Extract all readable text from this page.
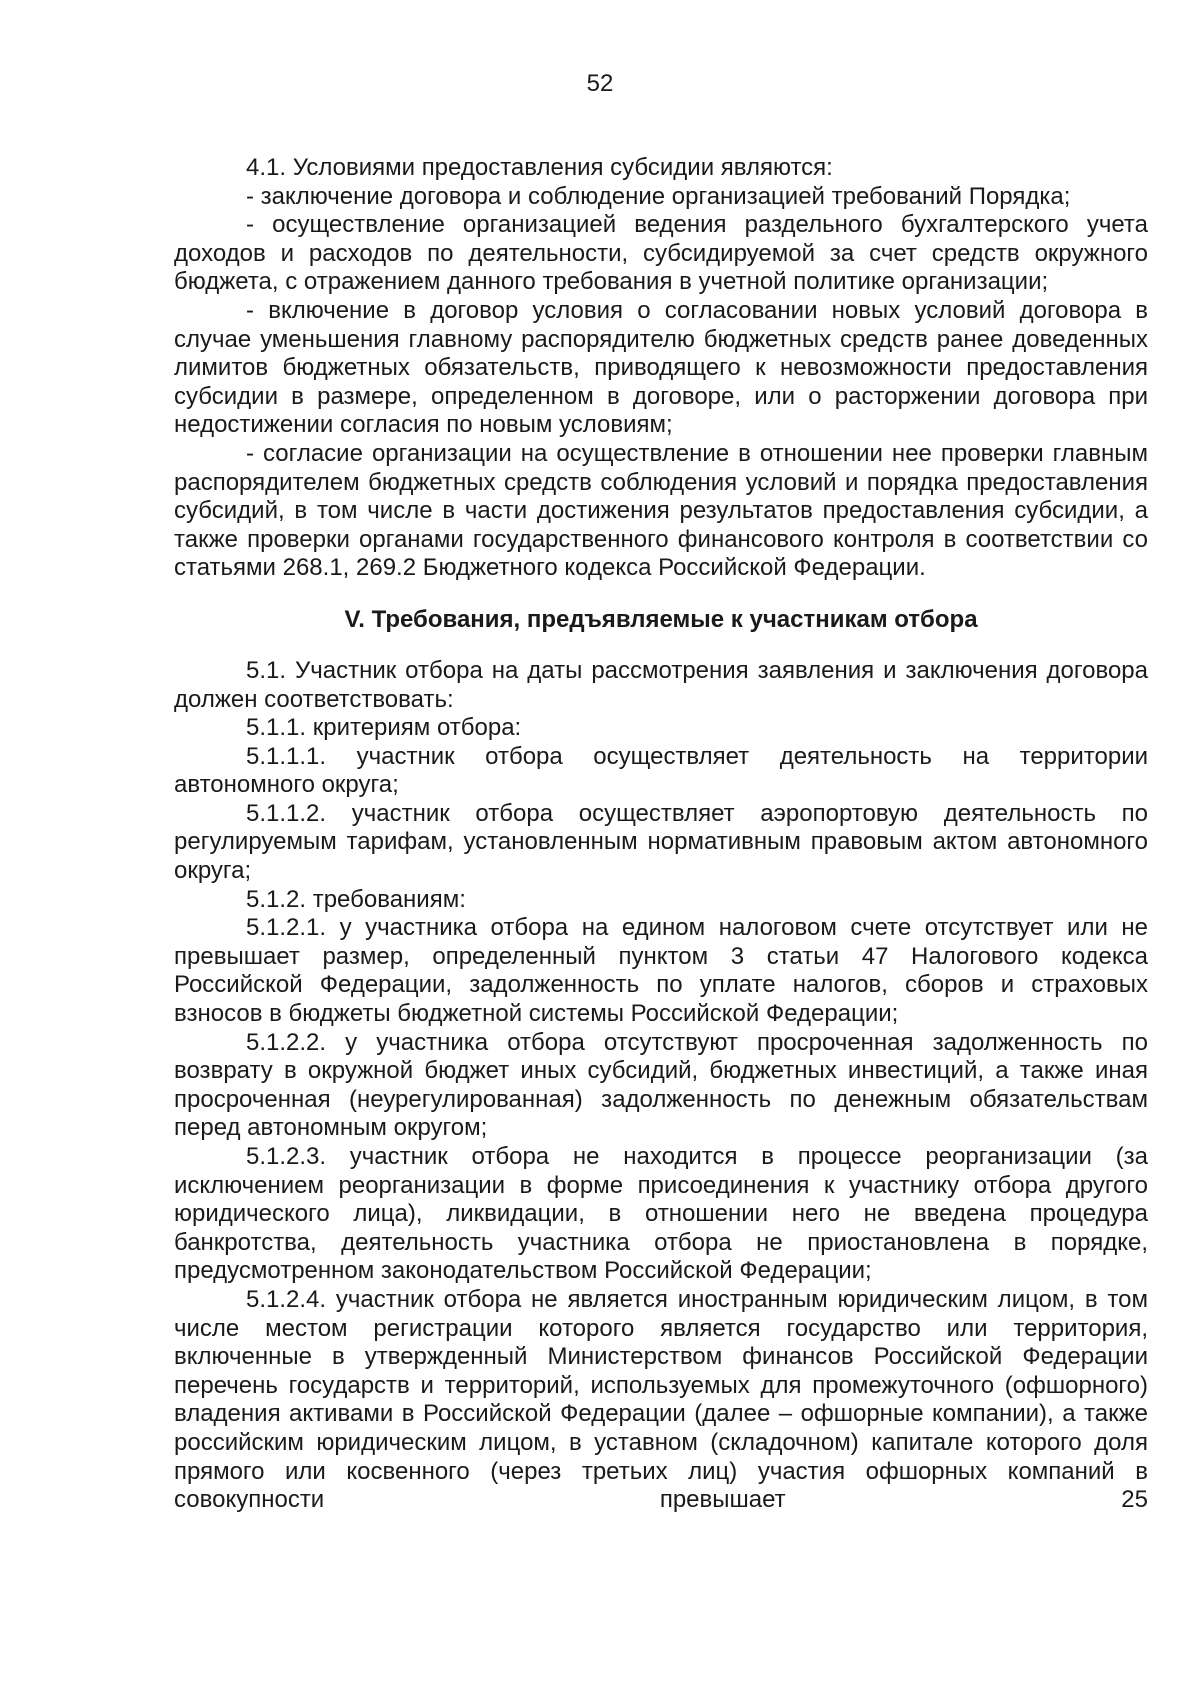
52

4.1. Условиями предоставления субсидии являются:

- заключение договора и соблюдение организацией требований Порядка;

- осуществление организацией ведения раздельного бухгалтерского учета доходов и расходов по деятельности, субсидируемой за счет средств окружного бюджета, с отражением данного требования в учетной политике организации;

- включение в договор условия о согласовании новых условий договора в случае уменьшения главному распорядителю бюджетных средств ранее доведенных лимитов бюджетных обязательств, приводящего к невозможности предоставления субсидии в размере, определенном в договоре, или о расторжении договора при недостижении согласия по новым условиям;

- согласие организации на осуществление в отношении нее проверки главным распорядителем бюджетных средств соблюдения условий и порядка предоставления субсидий, в том числе в части достижения результатов предоставления субсидии, а также проверки органами государственного финансового контроля в соответствии со статьями 268.1, 269.2 Бюджетного кодекса Российской Федерации.

V. Требования, предъявляемые к участникам отбора

5.1. Участник отбора на даты рассмотрения заявления и заключения договора должен соответствовать:

5.1.1. критериям отбора:

5.1.1.1. участник отбора осуществляет деятельность на территории автономного округа;

5.1.1.2. участник отбора осуществляет аэропортовую деятельность по регулируемым тарифам, установленным нормативным правовым актом автономного округа;

5.1.2. требованиям:

5.1.2.1. у участника отбора на едином налоговом счете отсутствует или не превышает размер, определенный пунктом 3 статьи 47 Налогового кодекса Российской Федерации, задолженность по уплате налогов, сборов и страховых взносов в бюджеты бюджетной системы Российской Федерации;

5.1.2.2. у участника отбора отсутствуют просроченная задолженность по возврату в окружной бюджет иных субсидий, бюджетных инвестиций, а также иная просроченная (неурегулированная) задолженность по денежным обязательствам перед автономным округом;

5.1.2.3. участник отбора не находится в процессе реорганизации (за исключением реорганизации в форме присоединения к участнику отбора другого юридического лица), ликвидации, в отношении него не введена процедура банкротства, деятельность участника отбора не приостановлена в порядке, предусмотренном законодательством Российской Федерации;

5.1.2.4. участник отбора не является иностранным юридическим лицом, в том числе местом регистрации которого является государство или территория, включенные в утвержденный Министерством финансов Российской Федерации перечень государств и территорий, используемых для промежуточного (офшорного) владения активами в Российской Федерации (далее – офшорные компании), а также российским юридическим лицом, в уставном (складочном) капитале которого доля прямого или косвенного (через третьих лиц) участия офшорных компаний в совокупности превышает 25
